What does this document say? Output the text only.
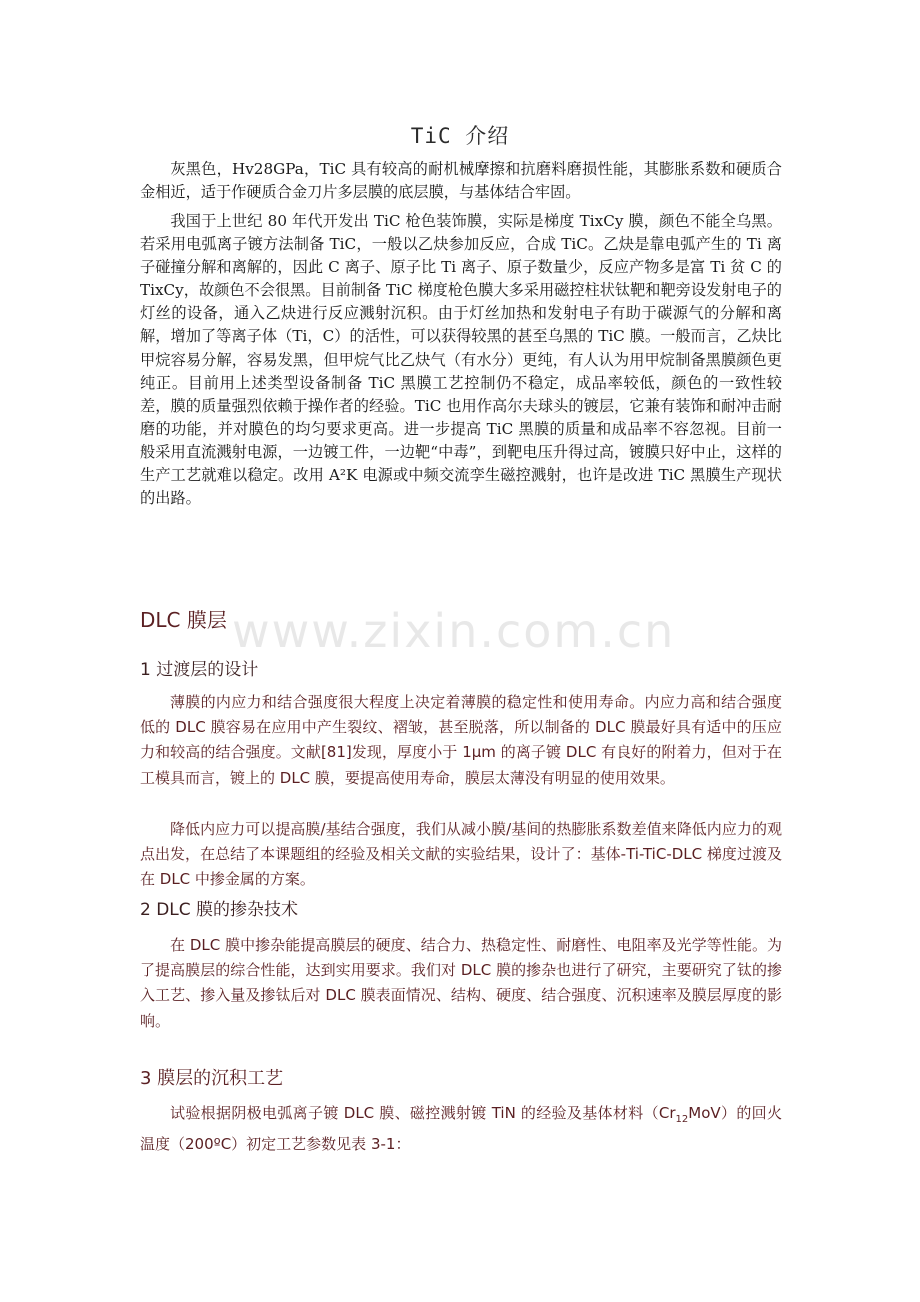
TiC 介绍

灰黑色，Hv28GPa，TiC 具有较高的耐机械摩擦和抗磨料磨损性能，其膨胀系数和硬质合金相近，适于作硬质合金刀片多层膜的底层膜，与基体结合牢固。

我国于上世纪 80 年代开发出 TiC 枪色装饰膜，实际是梯度 TixCy 膜，颜色不能全乌黑。若采用电弧离子镀方法制备 TiC，一般以乙炔参加反应，合成 TiC。乙炔是靠电弧产生的 Ti 离子碰撞分解和离解的，因此 C 离子、原子比 Ti 离子、原子数量少，反应产物多是富 Ti 贫 C 的 TixCy，故颜色不会很黑。目前制备 TiC 梯度枪色膜大多采用磁控柱状钛靶和靶旁设发射电子的灯丝的设备，通入乙炔进行反应溅射沉积。由于灯丝加热和发射电子有助于碳源气的分解和离解，增加了等离子体（Ti，C）的活性，可以获得较黑的甚至乌黑的 TiC 膜。一般而言，乙炔比甲烷容易分解，容易发黑，但甲烷气比乙炔气（有水分）更纯，有人认为用甲烷制备黑膜颜色更纯正。目前用上述类型设备制备 TiC 黑膜工艺控制仍不稳定，成品率较低，颜色的一致性较差，膜的质量强烈依赖于操作者的经验。TiC 也用作高尔夫球头的镀层，它兼有装饰和耐冲击耐磨的功能，并对膜色的均匀要求更高。进一步提高 TiC 黑膜的质量和成品率不容忽视。目前一般采用直流溅射电源，一边镀工件，一边靶“中毒”，到靶电压升得过高，镀膜只好中止，这样的生产工艺就难以稳定。改用 A²K 电源或中频交流孪生磁控溅射，也许是改进 TiC 黑膜生产现状的出路。

DLC 膜层
1 过渡层的设计

薄膜的内应力和结合强度很大程度上决定着薄膜的稳定性和使用寿命。内应力高和结合强度低的 DLC 膜容易在应用中产生裂纹、褶皱，甚至脱落，所以制备的 DLC 膜最好具有适中的压应力和较高的结合强度。文献[81]发现，厚度小于 1μm 的离子镀 DLC 有良好的附着力，但对于在工模具而言，镀上的 DLC 膜，要提高使用寿命，膜层太薄没有明显的使用效果。

降低内应力可以提高膜/基结合强度，我们从减小膜/基间的热膨胀系数差值来降低内应力的观点出发，在总结了本课题组的经验及相关文献的实验结果，设计了：基体-Ti-TiC-DLC 梯度过渡及在 DLC 中掺金属的方案。

2 DLC 膜的掺杂技术

在 DLC 膜中掺杂能提高膜层的硬度、结合力、热稳定性、耐磨性、电阻率及光学等性能。为了提高膜层的综合性能，达到实用要求。我们对 DLC 膜的掺杂也进行了研究，主要研究了钛的掺入工艺、掺入量及掺钛后对 DLC 膜表面情况、结构、硬度、结合强度、沉积速率及膜层厚度的影响。

3 膜层的沉积工艺

试验根据阴极电弧离子镀 DLC 膜、磁控溅射镀 TiN 的经验及基体材料$(Cr_{12}MoV)$的回火温度（200ºC）初定工艺参数见表 3-1：

www.zixin.com.cn
